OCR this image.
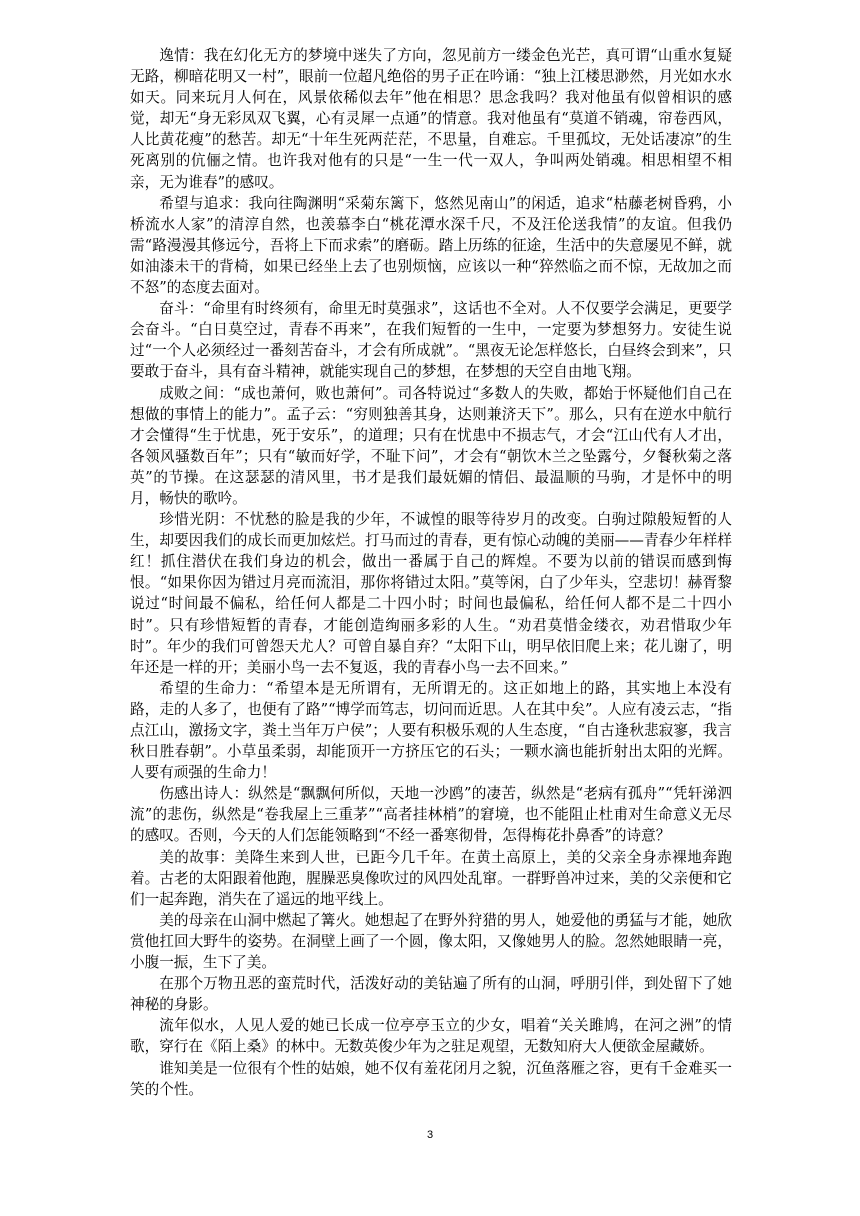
逸情：我在幻化无方的梦境中迷失了方向，忽见前方一缕金色光芒，真可谓“山重水复疑无路，柳暗花明又一村”，眼前一位超凡绝俗的男子正在吟诵：“独上江楼思渺然，月光如水水如天。同来玩月人何在，风景依稀似去年”他在相思？思念我吗？我对他虽有似曾相识的感觉，却无“身无彩凤双飞翼，心有灵犀一点通”的情意。我对他虽有“莫道不销魂，帘卷西风，人比黄花瘦”的愁苦。却无“十年生死两茫茫，不思量，自难忘。千里孤坟，无处话凄凉”的生死离别的伉俪之情。也许我对他有的只是“一生一代一双人，争叫两处销魂。相思相望不相亲，无为谁春”的感叹。

希望与追求：我向往陶渊明“采菊东篱下，悠然见南山”的闲适，追求“枯藤老树昏鸦，小桥流水人家”的清淳自然，也羡慕李白“桃花潭水深千尺，不及汪伦送我情”的友谊。但我仍需“路漫漫其修远兮，吾将上下而求索”的磨砺。踏上历练的征途，生活中的失意屡见不鲜，就如油漆未干的背椅，如果已经坐上去了也别烦恼，应该以一种“猝然临之而不惊，无故加之而不怒”的态度去面对。

奋斗：“命里有时终须有，命里无时莫强求”，这话也不全对。人不仅要学会满足，更要学会奋斗。“白日莫空过，青春不再来”，在我们短暂的一生中，一定要为梦想努力。安徒生说过“一个人必须经过一番刻苦奋斗，才会有所成就”。“黑夜无论怎样悠长，白昼终会到来”，只要敢于奋斗，具有奋斗精神，就能实现自己的梦想，在梦想的天空自由地飞翔。

成败之间：“成也萧何，败也萧何”。司各特说过“多数人的失败，都始于怀疑他们自己在想做的事情上的能力”。孟子云：“穷则独善其身，达则兼济天下”。那么，只有在逆水中航行才会懂得“生于忧患，死于安乐”，的道理；只有在忧患中不损志气，才会“江山代有人才出，各领风骚数百年”；只有“敏而好学，不耻下问”，才会有“朝饮木兰之坠露兮，夕餐秋菊之落英”的节操。在这瑟瑟的清风里，书才是我们最妩媚的情侣、最温顺的马驹，才是怀中的明月，畅快的歌吟。

珍惜光阴：不忧愁的脸是我的少年，不诚惶的眼等待岁月的改变。白驹过隙般短暂的人生，却要因我们的成长而更加炫烂。打马而过的青春，更有惊心动魄的美丽——青春少年样样红！抓住潜伏在我们身边的机会，做出一番属于自己的辉煌。不要为以前的错误而感到悔恨。“如果你因为错过月亮而流泪，那你将错过太阳。”莫等闲，白了少年头，空悲切！赫胥黎说过“时间最不偏私，给任何人都是二十四小时；时间也最偏私，给任何人都不是二十四小时”。只有珍惜短暂的青春，才能创造绚丽多彩的人生。“劝君莫惜金缕衣，劝君惜取少年时”。年少的我们可曾怨天尤人？可曾自暴自弃？“太阳下山，明早依旧爬上来；花儿谢了，明年还是一样的开；美丽小鸟一去不复返，我的青春小鸟一去不回来。”

希望的生命力：“希望本是无所谓有，无所谓无的。这正如地上的路，其实地上本没有路，走的人多了，也便有了路”“博学而笃志，切问而近思。人在其中矣”。人应有凌云志，“指点江山，激扬文字，粪土当年万户侯”；人要有积极乐观的人生态度，“自古逢秋悲寂寥，我言秋日胜春朝”。小草虽柔弱，却能顶开一方挤压它的石头；一颗水滴也能折射出太阳的光辉。人要有顽强的生命力！

伤感出诗人：纵然是“飘飘何所似，天地一沙鸥”的凄苦，纵然是“老病有孤舟”“凭轩涕泗流”的悲伤，纵然是“卷我屋上三重茅”“高者挂林梢”的窘境，也不能阻止杜甫对生命意义无尽的感叹。否则，今天的人们怎能领略到“不经一番寒彻骨，怎得梅花扑鼻香”的诗意？

美的故事：美降生来到人世，已距今几千年。在黄土高原上，美的父亲全身赤裸地奔跑着。古老的太阳跟着他跑，腥臊恶臭像吹过的风四处乱窜。一群野兽冲过来，美的父亲便和它们一起奔跑，消失在了遥远的地平线上。

美的母亲在山洞中燃起了篝火。她想起了在野外狩猎的男人，她爱他的勇猛与才能，她欣赏他扛回大野牛的姿势。在洞壁上画了一个圆，像太阳，又像她男人的脸。忽然她眼睛一亮，小腹一振，生下了美。

在那个万物丑恶的蛮荒时代，活泼好动的美钻遍了所有的山洞，呼朋引伴，到处留下了她神秘的身影。

流年似水，人见人爱的她已长成一位亭亭玉立的少女，唱着“关关雎鸠，在河之洲”的情歌，穿行在《陌上桑》的林中。无数英俊少年为之驻足观望，无数知府大人便欲金屋藏娇。

谁知美是一位很有个性的姑娘，她不仅有羞花闭月之貌，沉鱼落雁之容，更有千金难买一笑的个性。

3
